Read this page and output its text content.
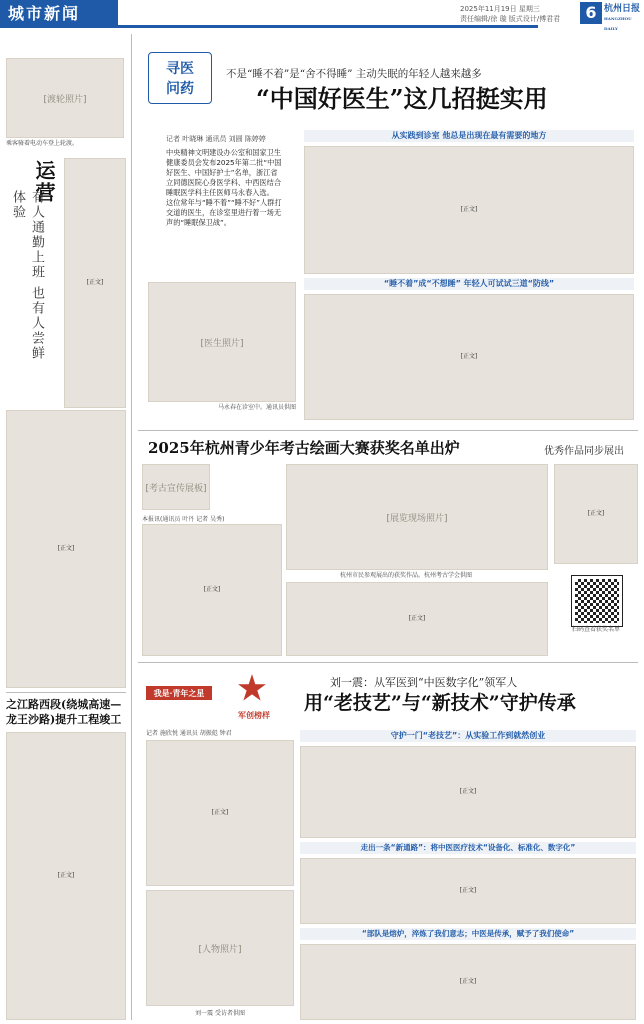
城市新闻	2025年11月19日 星期三
责任编辑/徐 璇 版式设计/傅君君	6 杭州日报
HANGZHOU DAILY
[渡轮照片]
乘客骑着电动车登上轮渡。
运营
有人通勤上班 也有人尝鲜体验
[正文]
[正文]
之江路西段(绕城高速—龙王沙路)提升工程竣工
[正文]
寻医
问药
不是“睡不着”是“舍不得睡” 主动失眠的年轻人越来越多
“中国好医生”这几招挺实用
记者 叶晓琳 通讯员 刘圆 陈婷婷
中央精神文明建设办公室和国家卫生健康委员会发布2025年第二批“中国好医生、中国好护士”名单，浙江省立同德医院心身医学科、中西医结合睡眠医学科主任医师马永春入选。
这位常年与“睡不着”“睡不好”人群打交道的医生，在诊室里进行着一场无声的“睡眠保卫战”。
[医生照片]
马永春在诊室中。通讯员供图
从实践到诊室 他总是出现在最有需要的地方
[正文]
“睡不着”成“不想睡” 年轻人可试试三道“防线”
[正文]
2025年杭州青少年考古绘画大赛获奖名单出炉	优秀作品同步展出
[考古宣传展板]
本报讯(通讯员 叶丹 记者 吴秀)
[正文]
[展览现场照片]
杭州市民参观展出的获奖作品。杭州考古学会供图
[正文]
[正文]
扫码查看获奖名单
我是·青年之星 ★
军创榜样
刘一震：从军医到“中医数字化”领军人
用“老技艺”与“新技术”守护传承
记者 施欣悦 通讯员 胡振彪 钟君
[正文]
[人物照片]
刘一震 受访者供图
守护一门“老技艺”：从实验工作到就然创业
[正文]
走出一条“新通路”：将中医医疗技术“设备化、标准化、数字化”
[正文]
“部队是熔炉，淬炼了我们意志；中医是传承，赋予了我们使命”
[正文]
